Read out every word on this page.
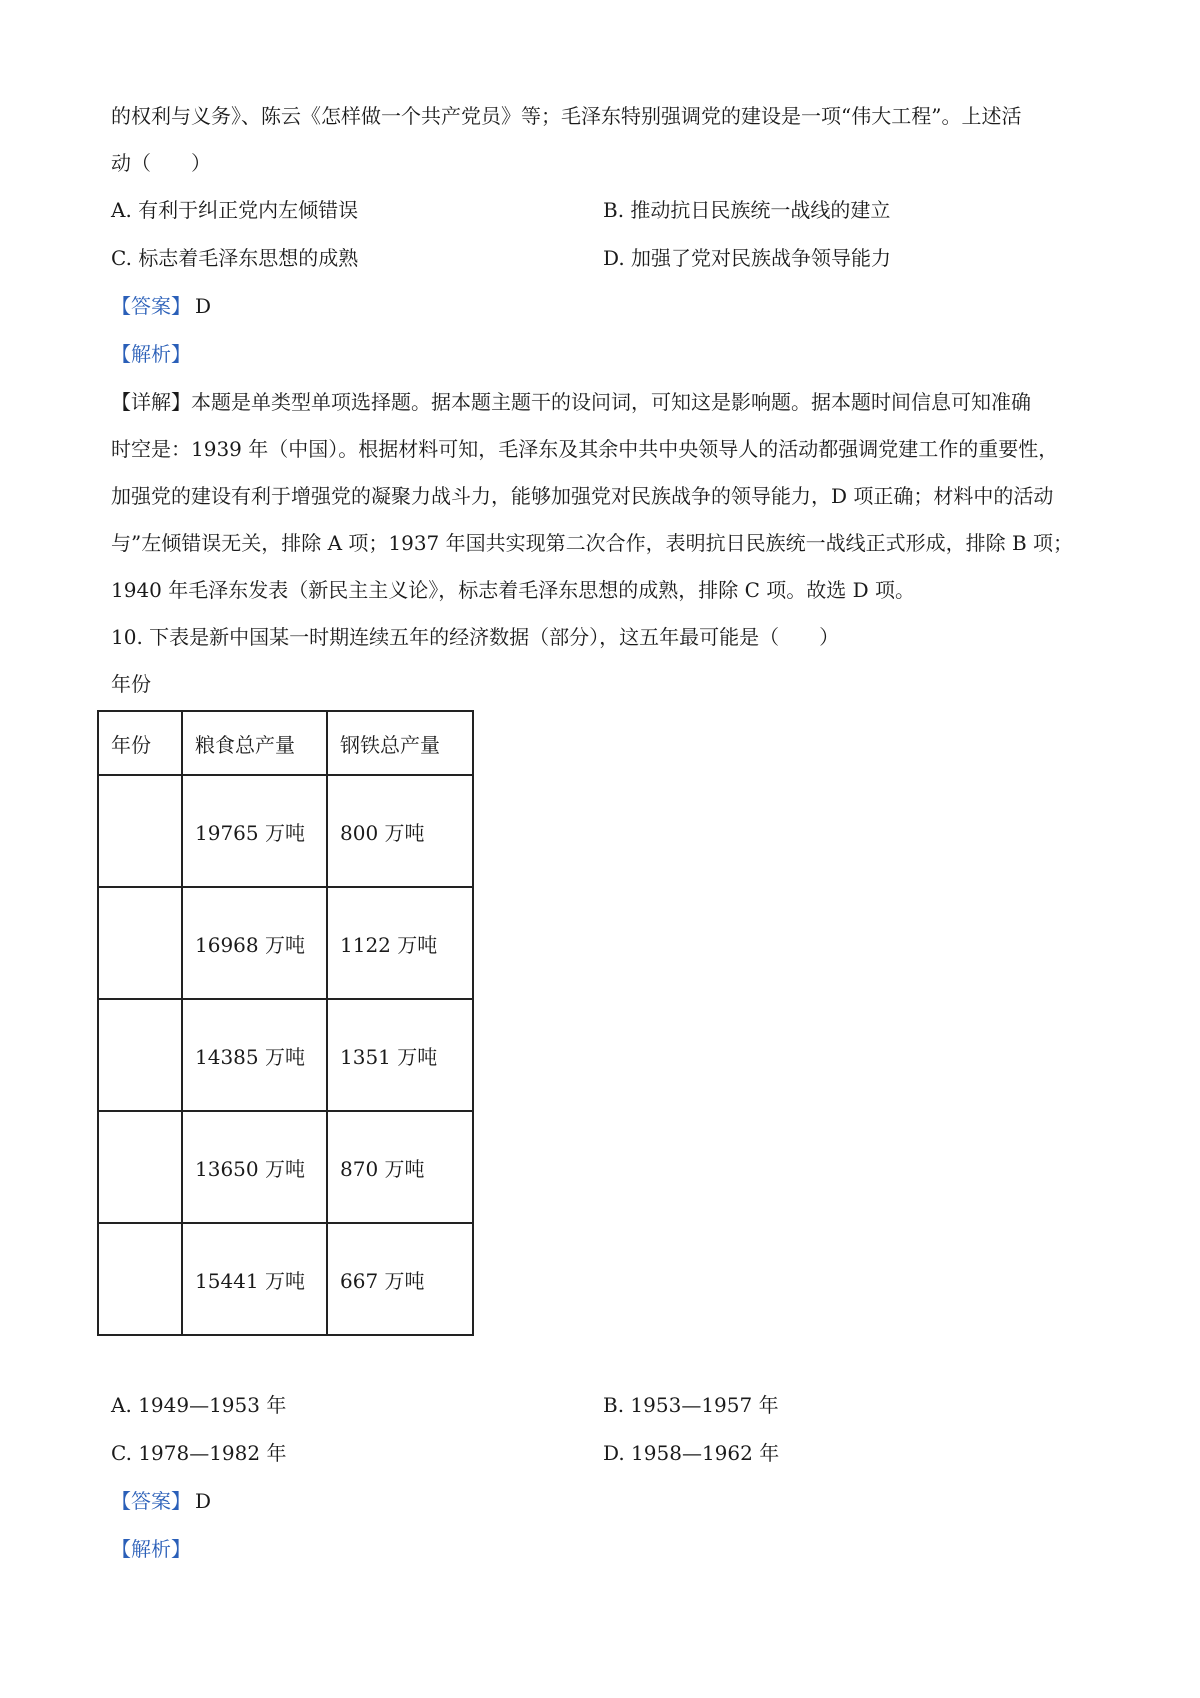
的权利与义务》、陈云《怎样做一个共产党员》等；毛泽东特别强调党的建设是一项“伟大工程”。上述活
动（　　）
A. 有利于纠正党内左倾错误	B. 推动抗日民族统一战线的建立
C. 标志着毛泽东思想的成熟	D. 加强了党对民族战争领导能力
【答案】 D
【解析】
【详解】本题是单类型单项选择题。据本题主题干的设问词，可知这是影响题。据本题时间信息可知准确
时空是：1939 年（中国）。根据材料可知，毛泽东及其余中共中央领导人的活动都强调党建工作的重要性，
加强党的建设有利于增强党的凝聚力战斗力，能够加强党对民族战争的领导能力，D 项正确；材料中的活动
与”左倾错误无关，排除 A 项；1937 年国共实现第二次合作，表明抗日民族统一战线正式形成，排除 B 项；
1940 年毛泽东发表（新民主主义论》，标志着毛泽东思想的成熟，排除 C 项。故选 D 项。
10. 下表是新中国某一时期连续五年的经济数据（部分），这五年最可能是（　　）
年份
年份	粮食总产量	钢铁总产量
	19765 万吨	800 万吨
	16968 万吨	1122 万吨
	14385 万吨	1351 万吨
	13650 万吨	870 万吨
	15441 万吨	667 万吨
A. 1949—1953 年	B. 1953—1957 年
C. 1978—1982 年	D. 1958—1962 年
【答案】 D
【解析】
